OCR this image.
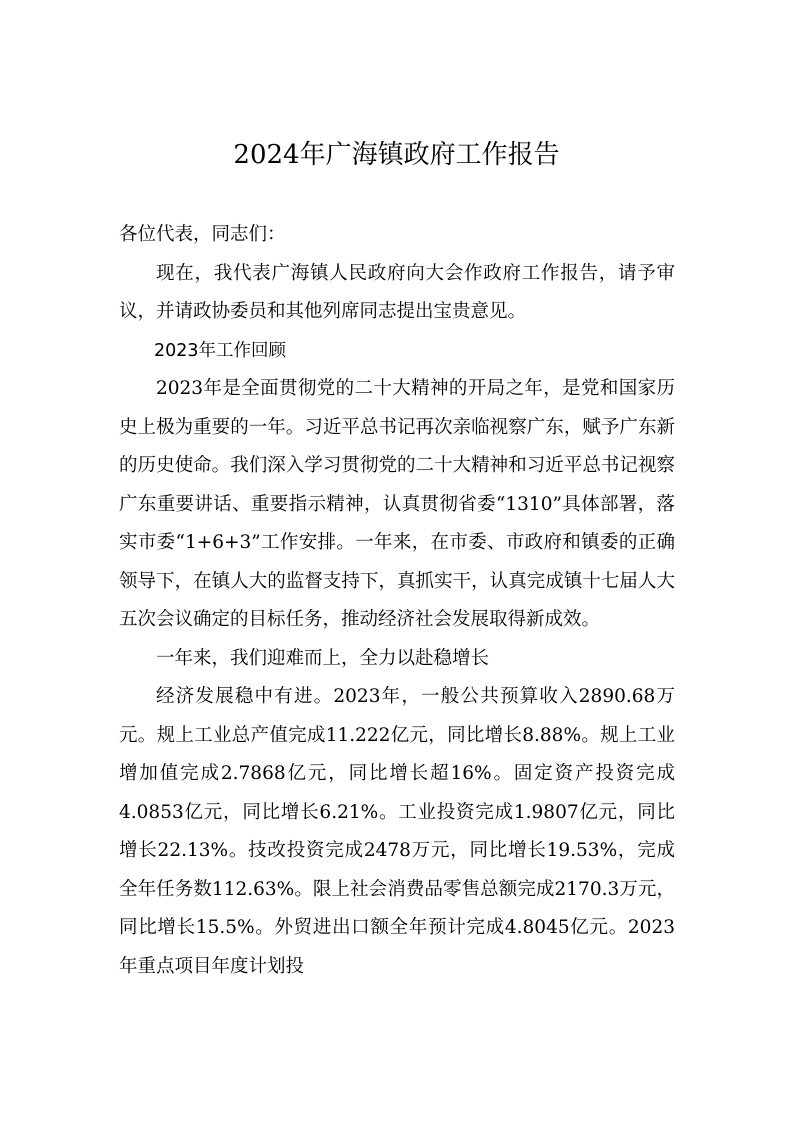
2024年广海镇政府工作报告

各位代表，同志们：

现在，我代表广海镇人民政府向大会作政府工作报告，请予审议，并请政协委员和其他列席同志提出宝贵意见。

2023年工作回顾

2023年是全面贯彻党的二十大精神的开局之年，是党和国家历史上极为重要的一年。习近平总书记再次亲临视察广东，赋予广东新的历史使命。我们深入学习贯彻党的二十大精神和习近平总书记视察广东重要讲话、重要指示精神，认真贯彻省委“1310”具体部署，落实市委“1+6+3”工作安排。一年来，在市委、市政府和镇委的正确领导下，在镇人大的监督支持下，真抓实干，认真完成镇十七届人大五次会议确定的目标任务，推动经济社会发展取得新成效。

一年来，我们迎难而上，全力以赴稳增长

经济发展稳中有进。2023年，一般公共预算收入2890.68万元。规上工业总产值完成11.222亿元，同比增长8.88%。规上工业增加值完成2.7868亿元，同比增长超16%。固定资产投资完成4.0853亿元，同比增长6.21%。工业投资完成1.9807亿元，同比增长22.13%。技改投资完成2478万元，同比增长19.53%，完成全年任务数112.63%。限上社会消费品零售总额完成2170.3万元，同比增长15.5%。外贸进出口额全年预计完成4.8045亿元。2023年重点项目年度计划投
